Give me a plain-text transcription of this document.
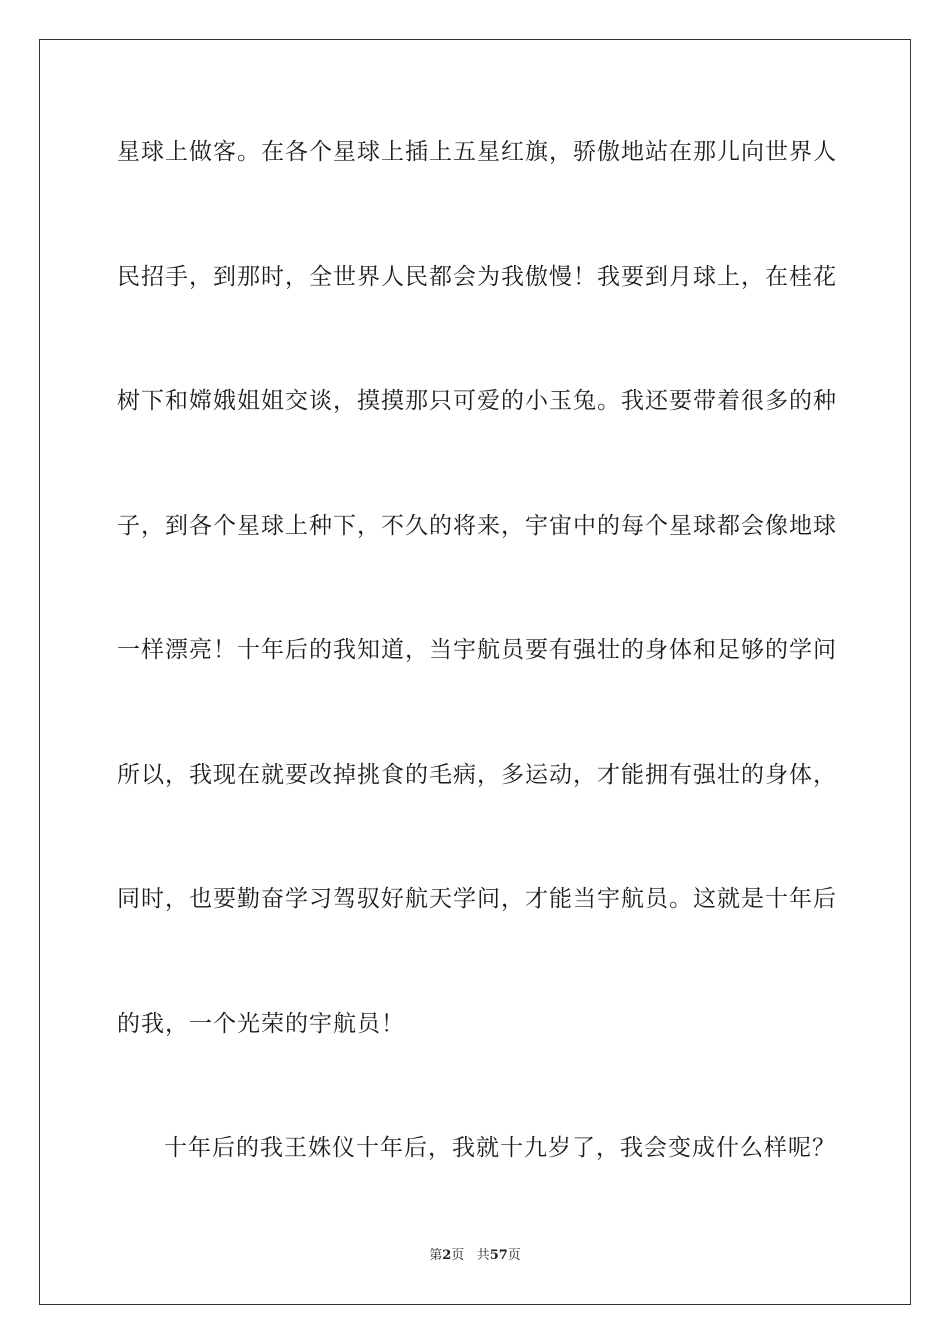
星球上做客。在各个星球上插上五星红旗，骄傲地站在那儿向世界人
民招手，到那时，全世界人民都会为我傲慢！我要到月球上，在桂花
树下和嫦娥姐姐交谈，摸摸那只可爱的小玉兔。我还要带着很多的种
子，到各个星球上种下，不久的将来，宇宙中的每个星球都会像地球
一样漂亮！十年后的我知道，当宇航员要有强壮的身体和足够的学问
所以，我现在就要改掉挑食的毛病，多运动，才能拥有强壮的身体，
同时，也要勤奋学习驾驭好航天学问，才能当宇航员。这就是十年后
的我，一个光荣的宇航员！
十年后的我王姝仪十年后，我就十九岁了，我会变成什么样呢？
第2页 共57页
